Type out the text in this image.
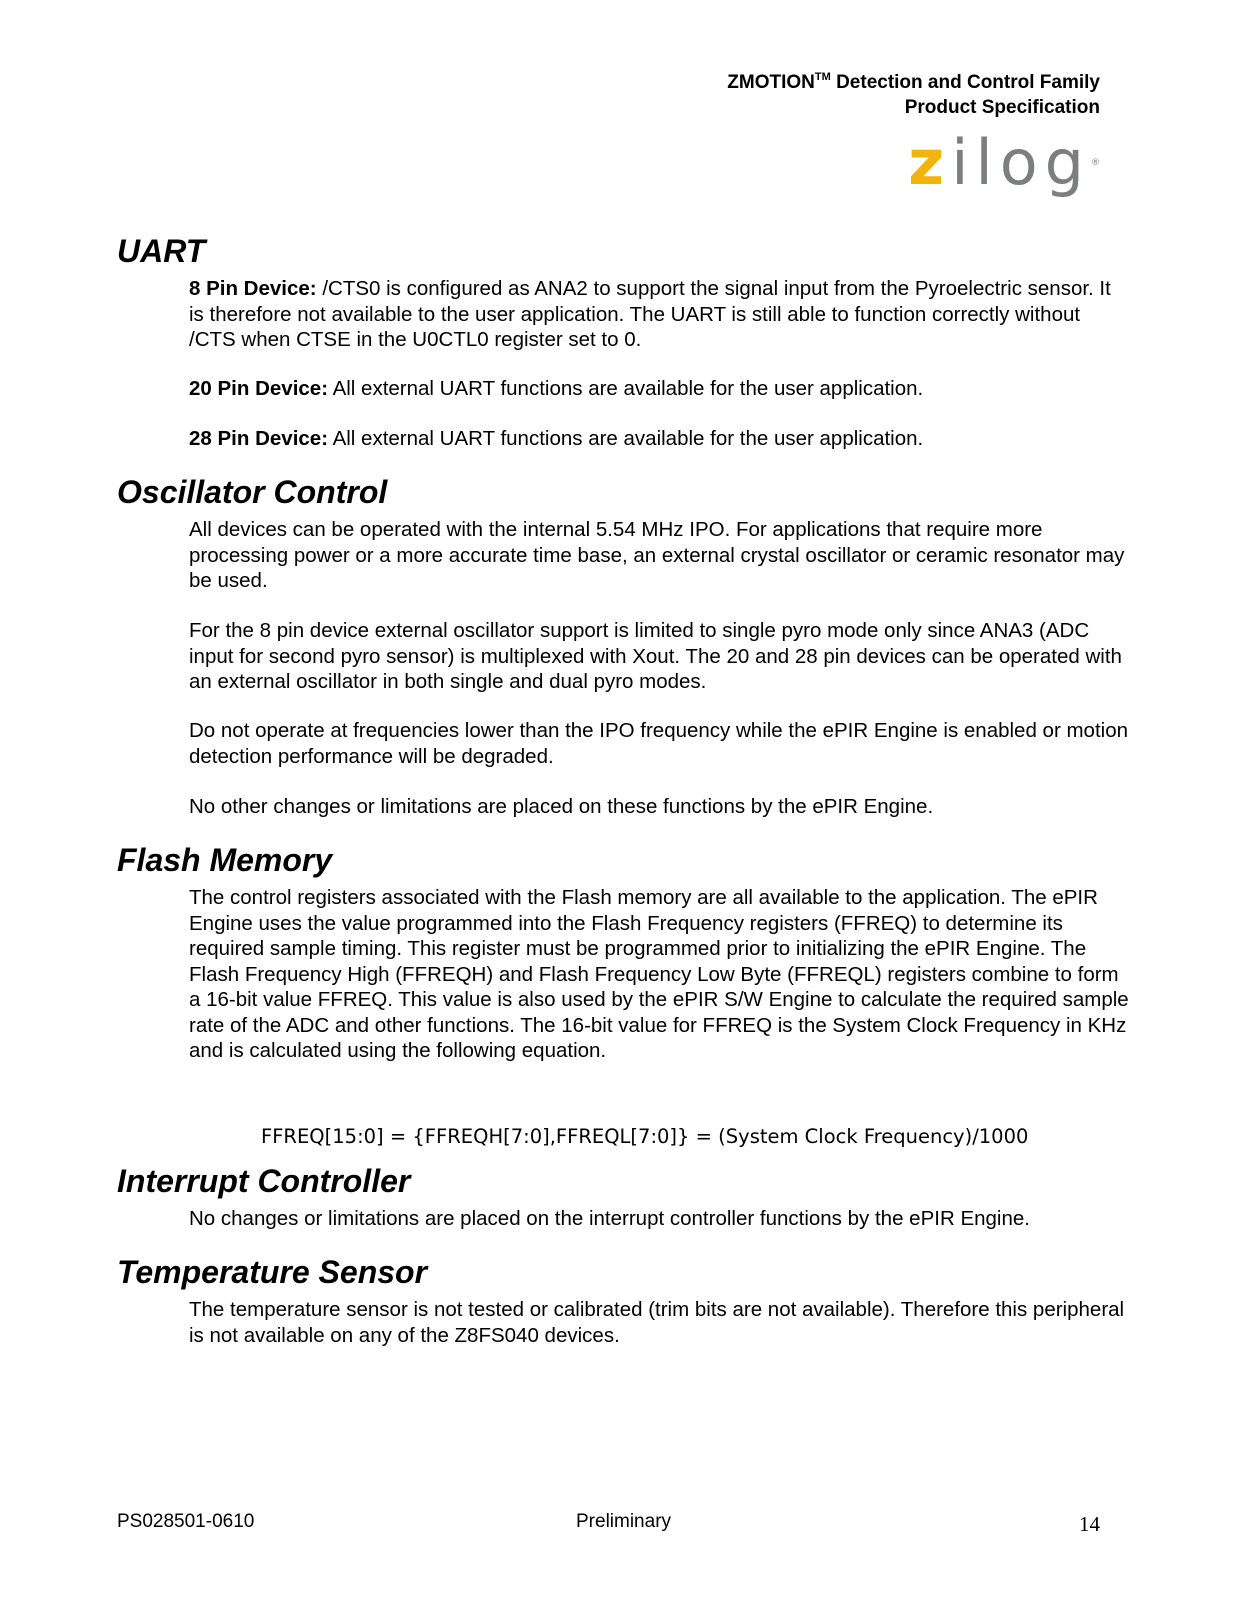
ZMOTION™ Detection and Control Family
Product Specification
zilog®
UART

8 Pin Device: /CTS0 is configured as ANA2 to support the signal input from the Pyroelectric sensor. It is therefore not available to the user application. The UART is still able to function correctly without /CTS when CTSE in the U0CTL0 register set to 0.

20 Pin Device: All external UART functions are available for the user application.

28 Pin Device: All external UART functions are available for the user application.

Oscillator Control

All devices can be operated with the internal 5.54 MHz IPO. For applications that require more processing power or a more accurate time base, an external crystal oscillator or ceramic resonator may be used.

For the 8 pin device external oscillator support is limited to single pyro mode only since ANA3 (ADC input for second pyro sensor) is multiplexed with Xout. The 20 and 28 pin devices can be operated with an external oscillator in both single and dual pyro modes.

Do not operate at frequencies lower than the IPO frequency while the ePIR Engine is enabled or motion detection performance will be degraded.

No other changes or limitations are placed on these functions by the ePIR Engine.

Flash Memory

The control registers associated with the Flash memory are all available to the application. The ePIR Engine uses the value programmed into the Flash Frequency registers (FFREQ) to determine its required sample timing. This register must be programmed prior to initializing the ePIR Engine. The Flash Frequency High (FFREQH) and Flash Frequency Low Byte (FFREQL) registers combine to form a 16-bit value FFREQ. This value is also used by the ePIR S/W Engine to calculate the required sample rate of the ADC and other functions. The 16-bit value for FFREQ is the System Clock Frequency in KHz and is calculated using the following equation.

FFREQ[15:0] = {FFREQH[7:0],FFREQL[7:0]} = (System Clock Frequency)/1000
Interrupt Controller

No changes or limitations are placed on the interrupt controller functions by the ePIR Engine.

Temperature Sensor

The temperature sensor is not tested or calibrated (trim bits are not available). Therefore this peripheral is not available on any of the Z8FS040 devices.

PS028501-0610	Preliminary	14
